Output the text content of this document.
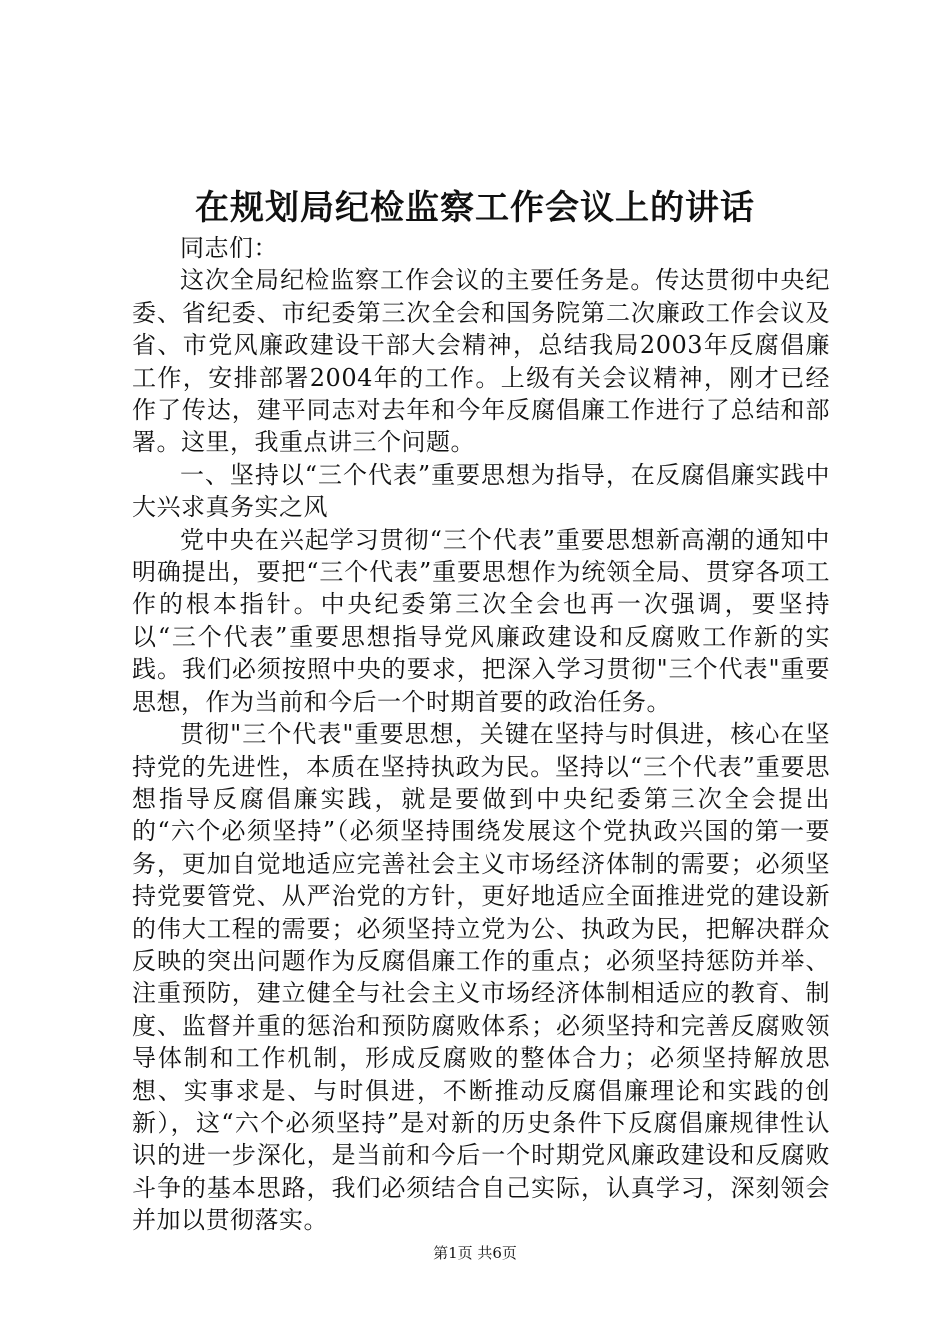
在规划局纪检监察工作会议上的讲话

同志们：

这次全局纪检监察工作会议的主要任务是。传达贯彻中央纪委、省纪委、市纪委第三次全会和国务院第二次廉政工作会议及省、市党风廉政建设干部大会精神，总结我局2003年反腐倡廉工作，安排部署2004年的工作。上级有关会议精神，刚才已经作了传达，建平同志对去年和今年反腐倡廉工作进行了总结和部署。这里，我重点讲三个问题。

一、坚持以“三个代表”重要思想为指导，在反腐倡廉实践中大兴求真务实之风

党中央在兴起学习贯彻“三个代表”重要思想新高潮的通知中明确提出，要把“三个代表”重要思想作为统领全局、贯穿各项工作的根本指针。中央纪委第三次全会也再一次强调，要坚持以“三个代表”重要思想指导党风廉政建设和反腐败工作新的实践。我们必须按照中央的要求，把深入学习贯彻"三个代表"重要思想，作为当前和今后一个时期首要的政治任务。

贯彻"三个代表"重要思想，关键在坚持与时俱进，核心在坚持党的先进性，本质在坚持执政为民。坚持以“三个代表”重要思想指导反腐倡廉实践，就是要做到中央纪委第三次全会提出的“六个必须坚持”（必须坚持围绕发展这个党执政兴国的第一要务，更加自觉地适应完善社会主义市场经济体制的需要；必须坚持党要管党、从严治党的方针，更好地适应全面推进党的建设新的伟大工程的需要；必须坚持立党为公、执政为民，把解决群众反映的突出问题作为反腐倡廉工作的重点；必须坚持惩防并举、注重预防，建立健全与社会主义市场经济体制相适应的教育、制度、监督并重的惩治和预防腐败体系；必须坚持和完善反腐败领导体制和工作机制，形成反腐败的整体合力；必须坚持解放思想、实事求是、与时俱进，不断推动反腐倡廉理论和实践的创新），这“六个必须坚持”是对新的历史条件下反腐倡廉规律性认识的进一步深化，是当前和今后一个时期党风廉政建设和反腐败斗争的基本思路，我们必须结合自己实际，认真学习，深刻领会并加以贯彻落实。

第1页 共6页
